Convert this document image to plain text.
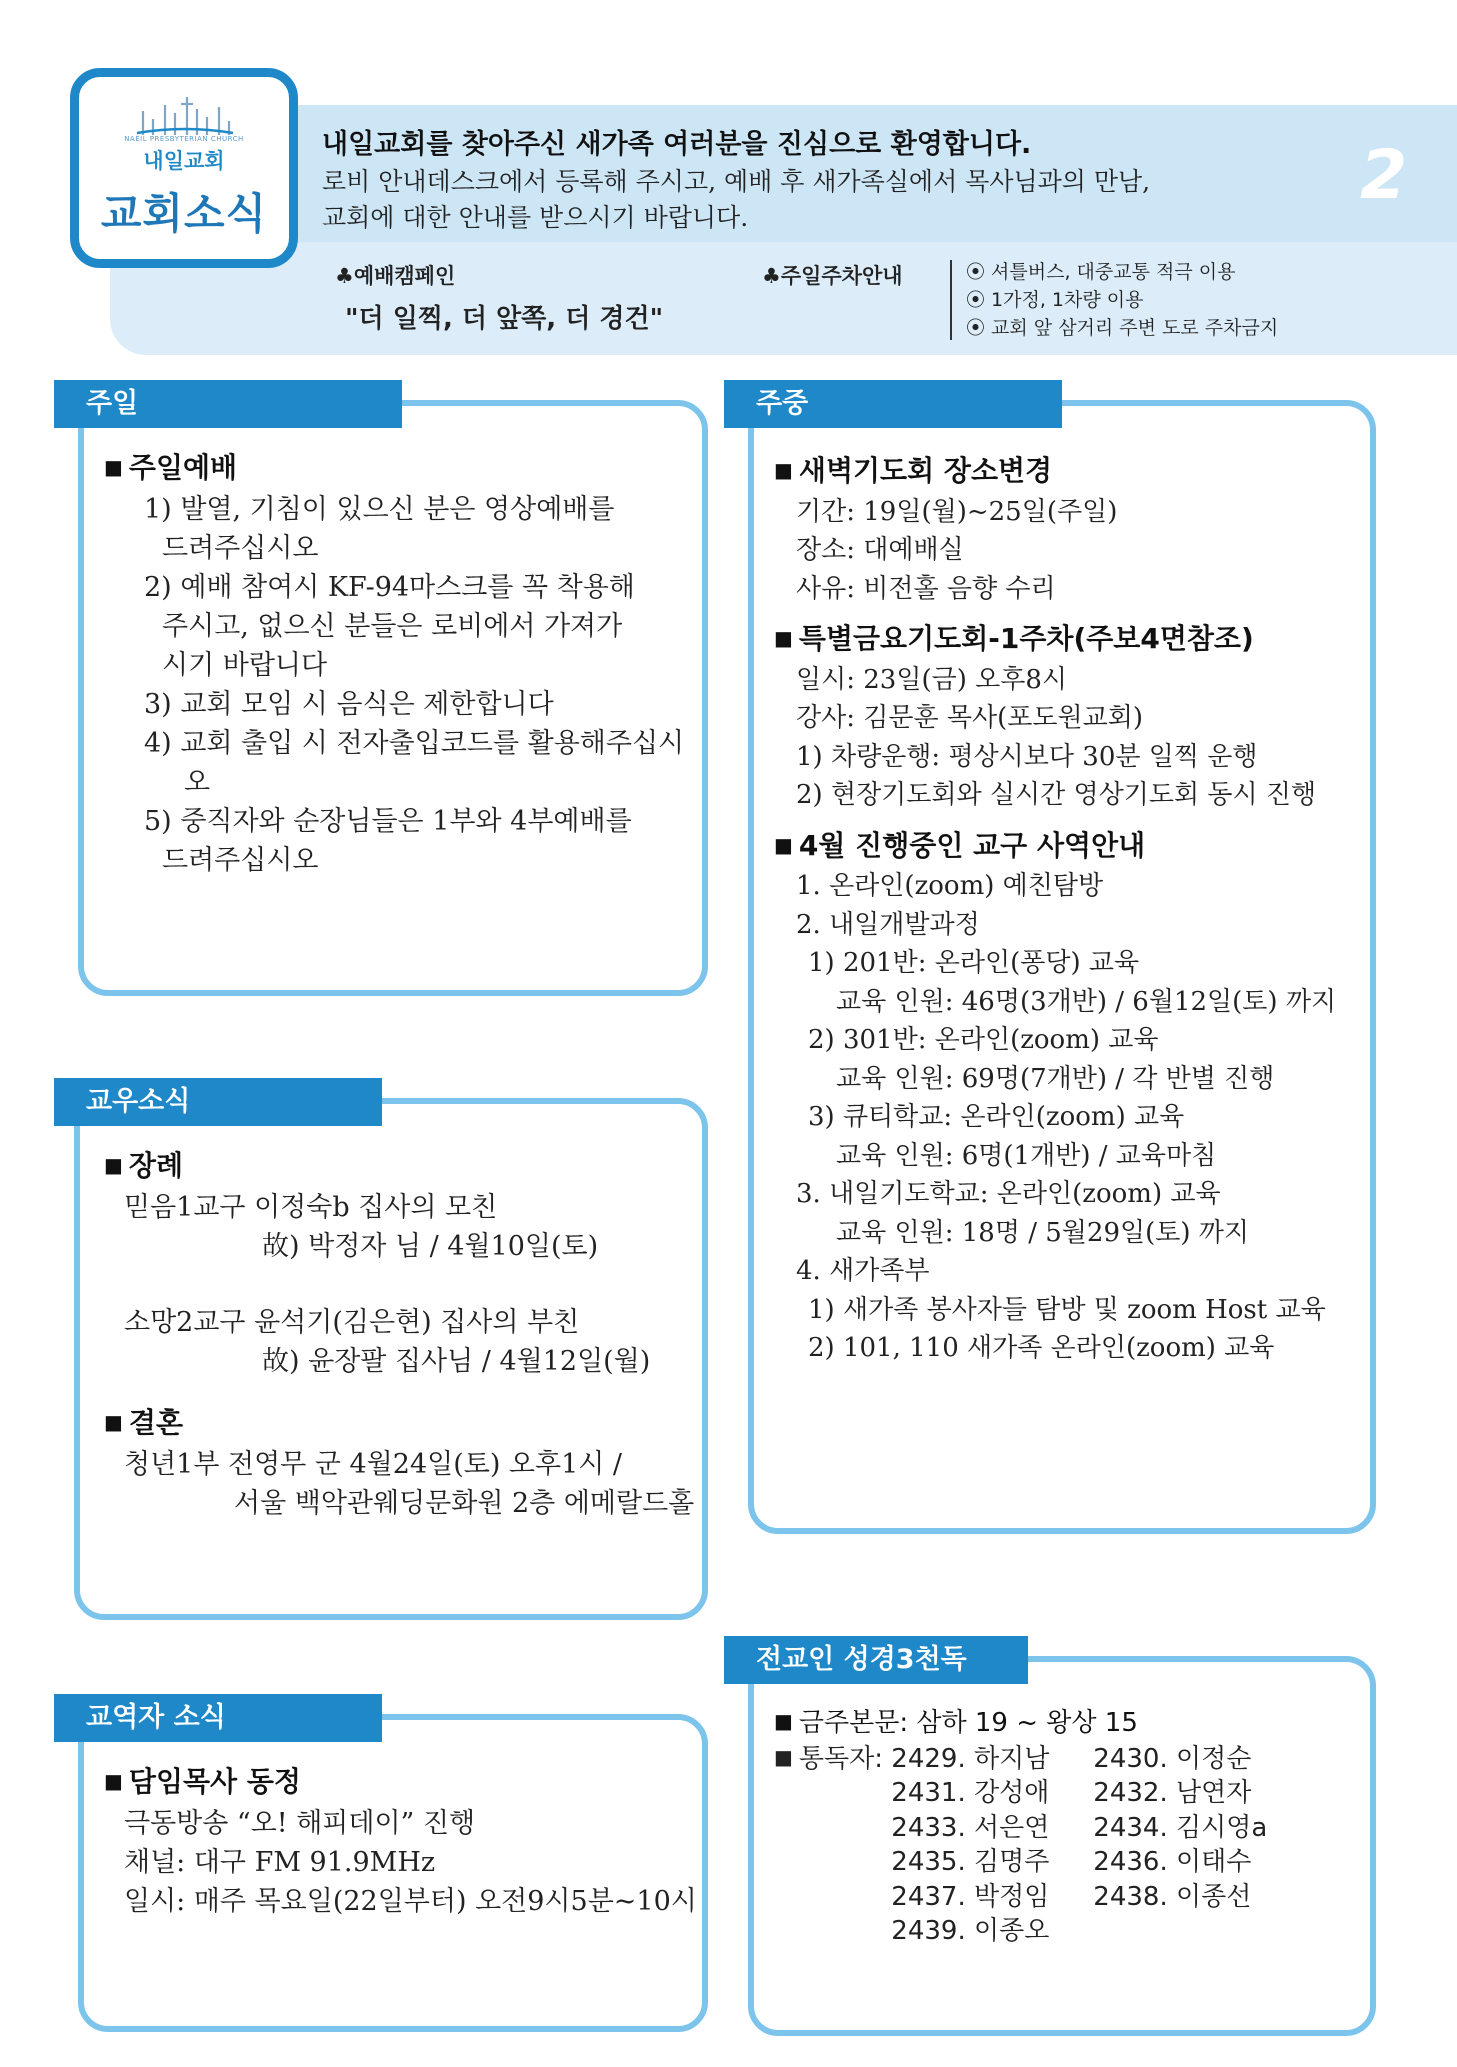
NAEIL PRESBYTERIAN CHURCH
내일교회
교회소식
내일교회를 찾아주신 새가족 여러분을 진심으로 환영합니다.
로비 안내데스크에서 등록해 주시고, 예배 후 새가족실에서 목사님과의 만남,
교회에 대한 안내를 받으시기 바랍니다.
2
♣예배캠페인
"더 일찍, 더 앞쪽, 더 경건"
♣주일주차안내
⦿	셔틀버스, 대중교통 적극 이용
⦿ 1가정, 1차량 이용
⦿ 교회 앞 삼거리 주변 도로 주차금지
주일
■ 주일예배
1) 발열, 기침이 있으신 분은 영상예배를
드려주십시오
2) 예배 참여시 KF-94마스크를 꼭 착용해
주시고, 없으신 분들은 로비에서 가져가
시기 바랍니다
3) 교회 모임 시 음식은 제한합니다
4) 교회 출입 시 전자출입코드를 활용해주십시오
5) 중직자와 순장님들은 1부와 4부예배를
드려주십시오
교우소식
■ 장례
믿음1교구 이정숙b 집사의 모친
故) 박정자 님 / 4월10일(토)
소망2교구 윤석기(김은현) 집사의 부친
故) 윤장팔 집사님 / 4월12일(월)
■ 결혼
청년1부 전영무 군 4월24일(토) 오후1시 /
서울 백악관웨딩문화원 2층 에메랄드홀
교역자 소식
■ 담임목사 동정
극동방송 “오! 해피데이” 진행
채널: 대구 FM 91.9MHz
일시: 매주 목요일(22일부터) 오전9시5분~10시
주중
■ 새벽기도회 장소변경
기간: 19일(월)~25일(주일)
장소: 대예배실
사유: 비전홀 음향 수리
■ 특별금요기도회-1주차(주보4면참조)
일시: 23일(금) 오후8시
강사: 김문훈 목사(포도원교회)
1) 차량운행: 평상시보다 30분 일찍 운행
2) 현장기도회와 실시간 영상기도회 동시 진행
■ 4월 진행중인 교구 사역안내
1. 온라인(zoom) 예친탐방
2. 내일개발과정
1) 201반: 온라인(퐁당) 교육
교육 인원: 46명(3개반) / 6월12일(토) 까지
2) 301반: 온라인(zoom) 교육
교육 인원: 69명(7개반) / 각 반별 진행
3) 큐티학교: 온라인(zoom) 교육
교육 인원: 6명(1개반) / 교육마침
3. 내일기도학교: 온라인(zoom) 교육
교육 인원: 18명 / 5월29일(토) 까지
4. 새가족부
1) 새가족 봉사자들 탐방 및 zoom Host 교육
2) 101, 110 새가족 온라인(zoom) 교육
전교인 성경3천독
■ 금주본문: 삼하 19 ~ 왕상 15
■ 통독자: 2429. 하지남 2430. 이정순
2431. 강성애 2432. 남연자
2433. 서은연 2434. 김시영a
2435. 김명주 2436. 이태수
2437. 박정임 2438. 이종선
2439. 이종오
